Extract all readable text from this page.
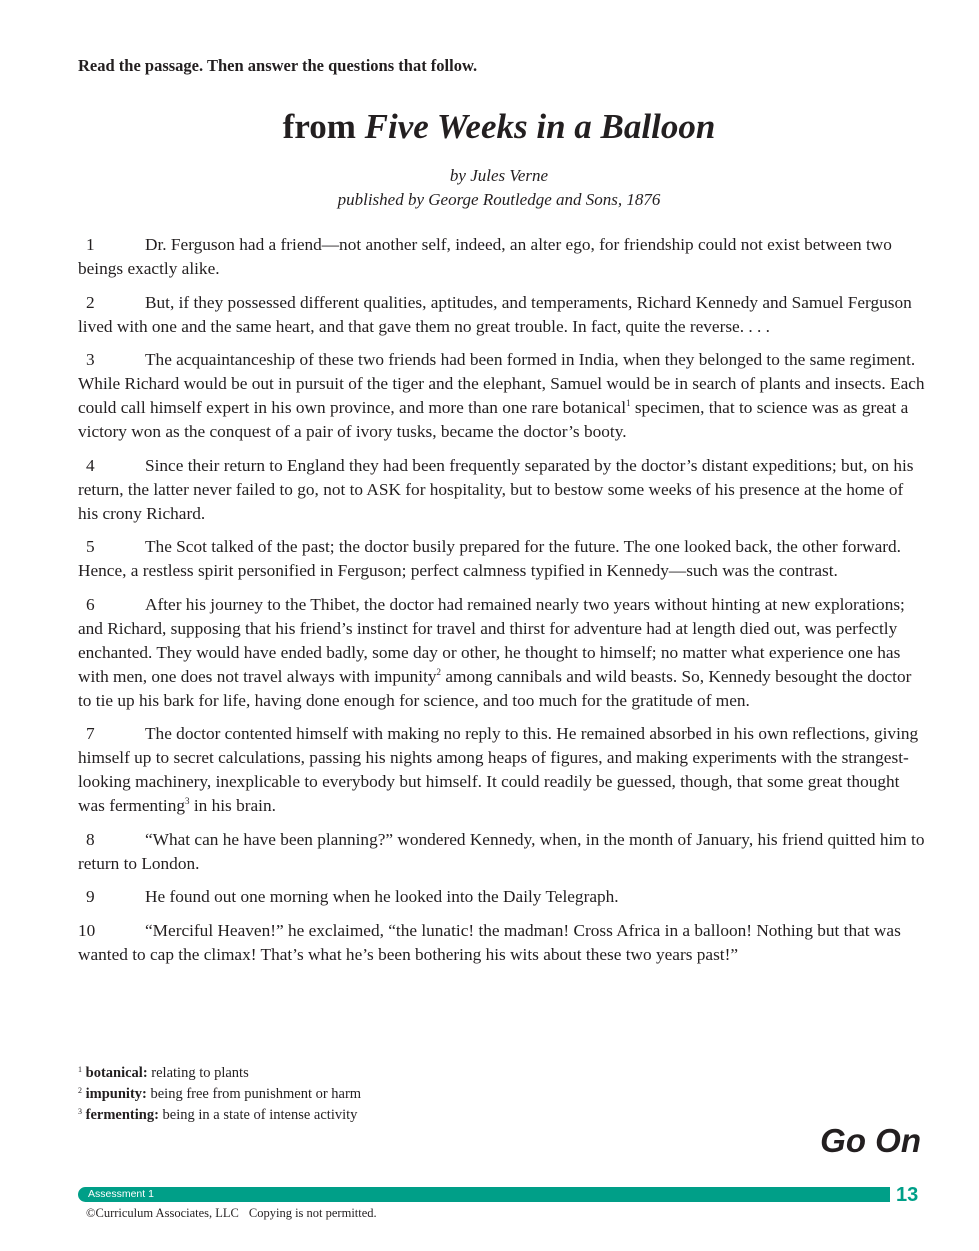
Read the passage. Then answer the questions that follow.
from Five Weeks in a Balloon
by Jules Verne
published by George Routledge and Sons, 1876

1	Dr. Ferguson had a friend—not another self, indeed, an alter ego, for friendship could not exist between two beings exactly alike.

2	But, if they possessed different qualities, aptitudes, and temperaments, Richard Kennedy and Samuel Ferguson lived with one and the same heart, and that gave them no great trouble. In fact, quite the reverse. . . .

3	The acquaintanceship of these two friends had been formed in India, when they belonged to the same regiment. While Richard would be out in pursuit of the tiger and the elephant, Samuel would be in search of plants and insects. Each could call himself expert in his own province, and more than one rare botanical$^1$ specimen, that to science was as great a victory won as the conquest of a pair of ivory tusks, became the doctor’s booty.

4	Since their return to England they had been frequently separated by the doctor’s distant expeditions; but, on his return, the latter never failed to go, not to ASK for hospitality, but to bestow some weeks of his presence at the home of his crony Richard.

5	The Scot talked of the past; the doctor busily prepared for the future. The one looked back, the other forward. Hence, a restless spirit personified in Ferguson; perfect calmness typified in Kennedy—such was the contrast.

6	After his journey to the Thibet, the doctor had remained nearly two years without hinting at new explorations; and Richard, supposing that his friend’s instinct for travel and thirst for adventure had at length died out, was perfectly enchanted. They would have ended badly, some day or other, he thought to himself; no matter what experience one has with men, one does not travel always with impunity$^2$ among cannibals and wild beasts. So, Kennedy besought the doctor to tie up his bark for life, having done enough for science, and too much for the gratitude of men.

7	The doctor contented himself with making no reply to this. He remained absorbed in his own reflections, giving himself up to secret calculations, passing his nights among heaps of figures, and making experiments with the strangest-looking machinery, inexplicable to everybody but himself. It could readily be guessed, though, that some great thought was fermenting$^3$ in his brain.

8	“What can he have been planning?” wondered Kennedy, when, in the month of January, his friend quitted him to return to London.

9	He found out one morning when he looked into the Daily Telegraph.

10	“Merciful Heaven!” he exclaimed, “the lunatic! the madman! Cross Africa in a balloon! Nothing but that was wanted to cap the climax! That’s what he’s been bothering his wits about these two years past!”

$^1$ botanical: relating to plants
$^2$ impunity: being free from punishment or harm
$^3$ fermenting: being in a state of intense activity
Go On
Assessment 1	13
©Curriculum Associates, LLC Copying is not permitted.
